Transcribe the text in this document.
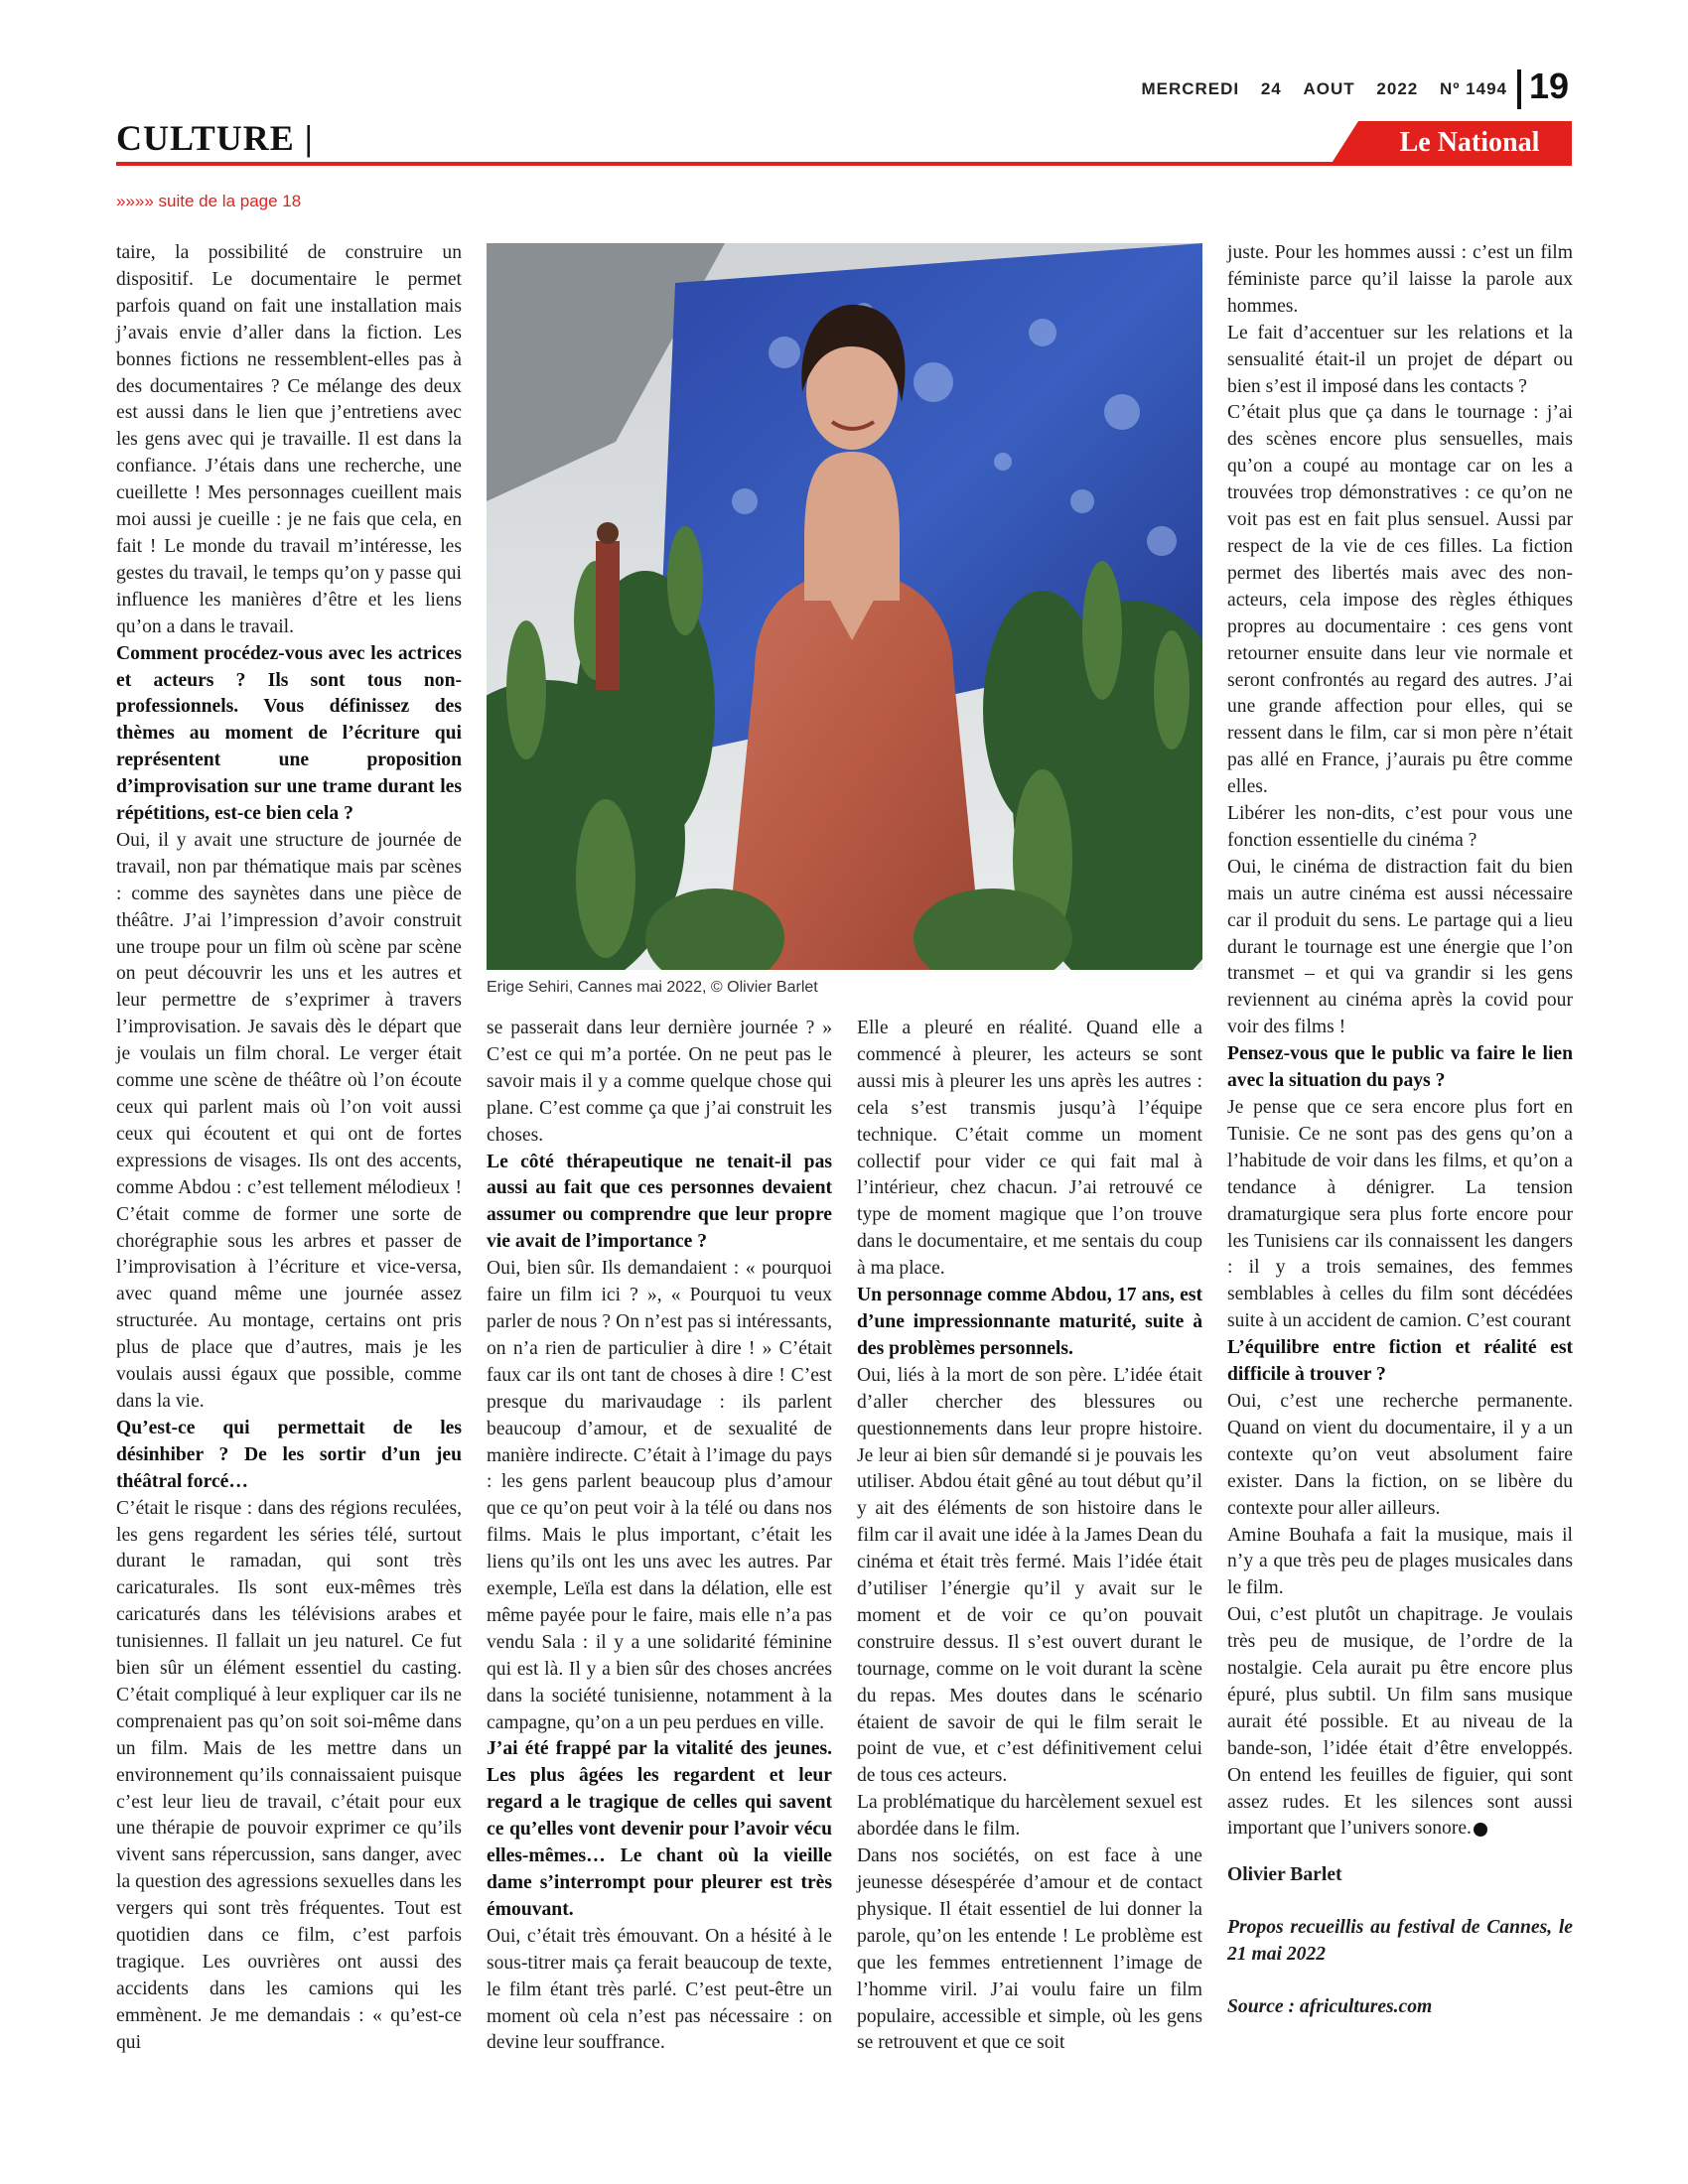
MERCREDI 24 AOUT 2022 Nº 1494 19
CULTURE |	Le National
»»»» suite de la page 18

taire, la possibilité de construire un dispositif. Le documentaire le permet parfois quand on fait une installation mais j’avais envie d’aller dans la fiction. Les bonnes fictions ne ressemblent-elles pas à des documentaires ? Ce mélange des deux est aussi dans le lien que j’entretiens avec les gens avec qui je travaille. Il est dans la confiance. J’étais dans une recherche, une cueillette ! Mes personnages cueillent mais moi aussi je cueille : je ne fais que cela, en fait ! Le monde du travail m’intéresse, les gestes du travail, le temps qu’on y passe qui influence les manières d’être et les liens qu’on a dans le travail.

Comment procédez-vous avec les actrices et acteurs ? Ils sont tous non-professionnels. Vous définissez des thèmes au moment de l’écriture qui représentent une proposition d’improvisation sur une trame durant les répétitions, est-ce bien cela ?

Oui, il y avait une structure de journée de travail, non par thématique mais par scènes : comme des saynètes dans une pièce de théâtre. J’ai l’impression d’avoir construit une troupe pour un film où scène par scène on peut découvrir les uns et les autres et leur permettre de s’exprimer à travers l’improvisation. Je savais dès le départ que je voulais un film choral. Le verger était comme une scène de théâtre où l’on écoute ceux qui parlent mais où l’on voit aussi ceux qui écoutent et qui ont de fortes expressions de visages. Ils ont des accents, comme Abdou : c’est tellement mélodieux ! C’était comme de former une sorte de chorégraphie sous les arbres et passer de l’improvisation à l’écriture et vice-versa, avec quand même une journée assez structurée. Au montage, certains ont pris plus de place que d’autres, mais je les voulais aussi égaux que possible, comme dans la vie.

Qu’est-ce qui permettait de les désinhiber ? De les sortir d’un jeu théâtral forcé…

C’était le risque : dans des régions reculées, les gens regardent les séries télé, surtout durant le ramadan, qui sont très caricaturales. Ils sont eux-mêmes très caricaturés dans les télévisions arabes et tunisiennes. Il fallait un jeu naturel. Ce fut bien sûr un élément essentiel du casting. C’était compliqué à leur expliquer car ils ne comprenaient pas qu’on soit soi-même dans un film. Mais de les mettre dans un environnement qu’ils connaissaient puisque c’est leur lieu de travail, c’était pour eux une thérapie de pouvoir exprimer ce qu’ils vivent sans répercussion, sans danger, avec la question des agressions sexuelles dans les vergers qui sont très fréquentes. Tout est quotidien dans ce film, c’est parfois tragique. Les ouvrières ont aussi des accidents dans les camions qui les emmènent. Je me demandais : « qu’est-ce qui

Erige Sehiri, Cannes mai 2022, © Olivier Barlet

se passerait dans leur dernière journée ? » C’est ce qui m’a portée. On ne peut pas le savoir mais il y a comme quelque chose qui plane. C’est comme ça que j’ai construit les choses.

Le côté thérapeutique ne tenait-il pas aussi au fait que ces personnes devaient assumer ou comprendre que leur propre vie avait de l’importance ?

Oui, bien sûr. Ils demandaient : « pourquoi faire un film ici ? », « Pourquoi tu veux parler de nous ? On n’est pas si intéressants, on n’a rien de particulier à dire ! » C’était faux car ils ont tant de choses à dire ! C’est presque du marivaudage : ils parlent beaucoup d’amour, et de sexualité de manière indirecte. C’était à l’image du pays : les gens parlent beaucoup plus d’amour que ce qu’on peut voir à la télé ou dans nos films. Mais le plus important, c’était les liens qu’ils ont les uns avec les autres. Par exemple, Leïla est dans la délation, elle est même payée pour le faire, mais elle n’a pas vendu Sala : il y a une solidarité féminine qui est là. Il y a bien sûr des choses ancrées dans la société tunisienne, notamment à la campagne, qu’on a un peu perdues en ville.

J’ai été frappé par la vitalité des jeunes. Les plus âgées les regardent et leur regard a le tragique de celles qui savent ce qu’elles vont devenir pour l’avoir vécu elles-mêmes… Le chant où la vieille dame s’interrompt pour pleurer est très émouvant.

Oui, c’était très émouvant. On a hésité à le sous-titrer mais ça ferait beaucoup de texte, le film étant très parlé. C’est peut-être un moment où cela n’est pas nécessaire : on devine leur souffrance.

Elle a pleuré en réalité. Quand elle a commencé à pleurer, les acteurs se sont aussi mis à pleurer les uns après les autres : cela s’est transmis jusqu’à l’équipe technique. C’était comme un moment collectif pour vider ce qui fait mal à l’intérieur, chez chacun. J’ai retrouvé ce type de moment magique que l’on trouve dans le documentaire, et me sentais du coup à ma place.

Un personnage comme Abdou, 17 ans, est d’une impressionnante maturité, suite à des problèmes personnels.

Oui, liés à la mort de son père. L’idée était d’aller chercher des blessures ou questionnements dans leur propre histoire. Je leur ai bien sûr demandé si je pouvais les utiliser. Abdou était gêné au tout début qu’il y ait des éléments de son histoire dans le film car il avait une idée à la James Dean du cinéma et était très fermé. Mais l’idée était d’utiliser l’énergie qu’il y avait sur le moment et de voir ce qu’on pouvait construire dessus. Il s’est ouvert durant le tournage, comme on le voit durant la scène du repas. Mes doutes dans le scénario étaient de savoir de qui le film serait le point de vue, et c’est définitivement celui de tous ces acteurs.

La problématique du harcèlement sexuel est abordée dans le film.

Dans nos sociétés, on est face à une jeunesse désespérée d’amour et de contact physique. Il était essentiel de lui donner la parole, qu’on les entende ! Le problème est que les femmes entretiennent l’image de l’homme viril. J’ai voulu faire un film populaire, accessible et simple, où les gens se retrouvent et que ce soit

juste. Pour les hommes aussi : c’est un film féministe parce qu’il laisse la parole aux hommes.

Le fait d’accentuer sur les relations et la sensualité était-il un projet de départ ou bien s’est il imposé dans les contacts ?

C’était plus que ça dans le tournage : j’ai des scènes encore plus sensuelles, mais qu’on a coupé au montage car on les a trouvées trop démonstratives : ce qu’on ne voit pas est en fait plus sensuel. Aussi par respect de la vie de ces filles. La fiction permet des libertés mais avec des non-acteurs, cela impose des règles éthiques propres au documentaire : ces gens vont retourner ensuite dans leur vie normale et seront confrontés au regard des autres. J’ai une grande affection pour elles, qui se ressent dans le film, car si mon père n’était pas allé en France, j’aurais pu être comme elles.

Libérer les non-dits, c’est pour vous une fonction essentielle du cinéma ?

Oui, le cinéma de distraction fait du bien mais un autre cinéma est aussi nécessaire car il produit du sens. Le partage qui a lieu durant le tournage est une énergie que l’on transmet – et qui va grandir si les gens reviennent au cinéma après la covid pour voir des films !

Pensez-vous que le public va faire le lien avec la situation du pays ?

Je pense que ce sera encore plus fort en Tunisie. Ce ne sont pas des gens qu’on a l’habitude de voir dans les films, et qu’on a tendance à dénigrer. La tension dramaturgique sera plus forte encore pour les Tunisiens car ils connaissent les dangers : il y a trois semaines, des femmes semblables à celles du film sont décédées suite à un accident de camion. C’est courant

L’équilibre entre fiction et réalité est difficile à trouver ?

Oui, c’est une recherche permanente. Quand on vient du documentaire, il y a un contexte qu’on veut absolument faire exister. Dans la fiction, on se libère du contexte pour aller ailleurs.

Amine Bouhafa a fait la musique, mais il n’y a que très peu de plages musicales dans le film.

Oui, c’est plutôt un chapitrage. Je voulais très peu de musique, de l’ordre de la nostalgie. Cela aurait pu être encore plus épuré, plus subtil. Un film sans musique aurait été possible. Et au niveau de la bande-son, l’idée était d’être enveloppés. On entend les feuilles de figuier, qui sont assez rudes. Et les silences sont aussi important que l’univers sonore.

Olivier Barlet

Propos recueillis au festival de Cannes, le 21 mai 2022

Source : africultures.com
